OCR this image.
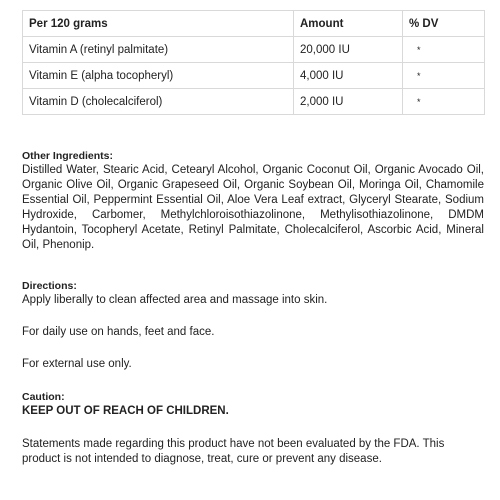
Per 120 grams	Amount	% DV
Vitamin A (retinyl palmitate)	20,000 IU	*
Vitamin E (alpha tocopheryl)	4,000 IU	*
Vitamin D (cholecalciferol)	2,000 IU	*
Other Ingredients:

Distilled Water, Stearic Acid, Cetearyl Alcohol, Organic Coconut Oil, Organic Avocado Oil, Organic Olive Oil, Organic Grapeseed Oil, Organic Soybean Oil, Moringa Oil, Chamomile Essential Oil, Peppermint Essential Oil, Aloe Vera Leaf extract, Glyceryl Stearate, Sodium Hydroxide, Carbomer, Methylchloroisothiazolinone, Methylisothiazolinone, DMDM Hydantoin, Tocopheryl Acetate, Retinyl Palmitate, Cholecalciferol, Ascorbic Acid, Mineral Oil, Phenonip.

Directions:

Apply liberally to clean affected area and massage into skin.

For daily use on hands, feet and face.

For external use only.

Caution:

KEEP OUT OF REACH OF CHILDREN.

Statements made regarding this product have not been evaluated by the FDA. This product is not intended to diagnose, treat, cure or prevent any disease.
